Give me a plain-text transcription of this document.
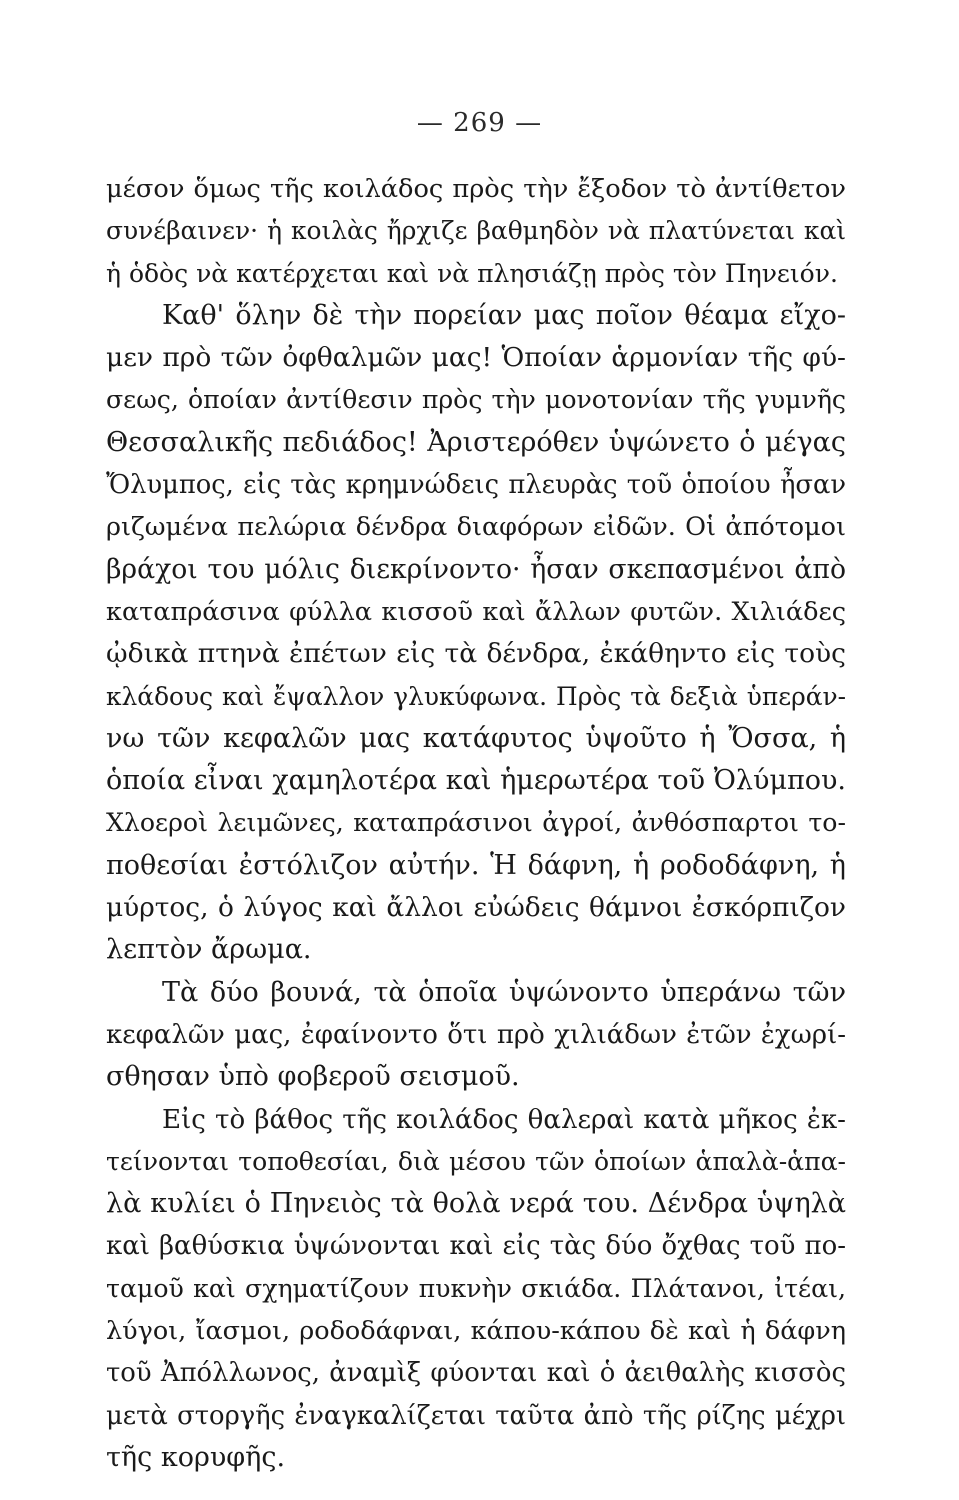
— 269 —
μέσον ὅμως τῆς κοιλάδος πρὸς τὴν ἔξοδον τὸ ἀντίθετον
συνέβαινεν· ἡ κοιλὰς ἤρχιζε βαθμηδὸν νὰ πλατύνεται καὶ
ἡ ὁδὸς νὰ κατέρχεται καὶ νὰ πλησιάζῃ πρὸς τὸν Πηνειόν.
Καθ' ὅλην δὲ τὴν πορείαν μας ποῖον θέαμα εἴχο-
μεν πρὸ τῶν ὀφθαλμῶν μας! Ὁποίαν ἁρμονίαν τῆς φύ-
σεως, ὁποίαν ἀντίθεσιν πρὸς τὴν μονοτονίαν τῆς γυμνῆς
Θεσσαλικῆς πεδιάδος! Ἀριστερόθεν ὑψώνετο ὁ μέγας
Ὄλυμπος, εἰς τὰς κρημνώδεις πλευρὰς τοῦ ὁποίου ἦσαν
ριζωμένα πελώρια δένδρα διαφόρων εἰδῶν. Οἱ ἀπότομοι
βράχοι του μόλις διεκρίνοντο· ἦσαν σκεπασμένοι ἀπὸ
καταπράσινα φύλλα κισσοῦ καὶ ἄλλων φυτῶν. Χιλιάδες
ᾠδικὰ πτηνὰ ἐπέτων εἰς τὰ δένδρα, ἐκάθηντο εἰς τοὺς
κλάδους καὶ ἔψαλλον γλυκύφωνα. Πρὸς τὰ δεξιὰ ὑπεράν-
νω τῶν κεφαλῶν μας κατάφυτος ὑψοῦτο ἡ Ὄσσα, ἡ
ὁποία εἶναι χαμηλοτέρα καὶ ἡμερωτέρα τοῦ Ὀλύμπου.
Χλοεροὶ λειμῶνες, καταπράσινοι ἀγροί, ἀνθόσπαρτοι το-
ποθεσίαι ἐστόλιζον αὐτήν. Ἡ δάφνη, ἡ ροδοδάφνη, ἡ
μύρτος, ὁ λύγος καὶ ἄλλοι εὐώδεις θάμνοι ἐσκόρπιζον
λεπτὸν ἄρωμα.
Τὰ δύο βουνά, τὰ ὁποῖα ὑψώνοντο ὑπεράνω τῶν
κεφαλῶν μας, ἐφαίνοντο ὅτι πρὸ χιλιάδων ἐτῶν ἐχωρί-
σθησαν ὑπὸ φοβεροῦ σεισμοῦ.
Εἰς τὸ βάθος τῆς κοιλάδος θαλεραὶ κατὰ μῆκος ἐκ-
τείνονται τοποθεσίαι, διὰ μέσου τῶν ὁποίων ἁπαλὰ-ἁπα-
λὰ κυλίει ὁ Πηνειὸς τὰ θολὰ νερά του. Δένδρα ὑψηλὰ
καὶ βαθύσκια ὑψώνονται καὶ εἰς τὰς δύο ὄχθας τοῦ πο-
ταμοῦ καὶ σχηματίζουν πυκνὴν σκιάδα. Πλάτανοι, ἰτέαι,
λύγοι, ἴασμοι, ροδοδάφναι, κάπου-κάπου δὲ καὶ ἡ δάφνη
τοῦ Ἀπόλλωνος, ἀναμὶξ φύονται καὶ ὁ ἀειθαλὴς κισσὸς
μετὰ στοργῆς ἐναγκαλίζεται ταῦτα ἀπὸ τῆς ρίζης μέχρι
τῆς κορυφῆς.
